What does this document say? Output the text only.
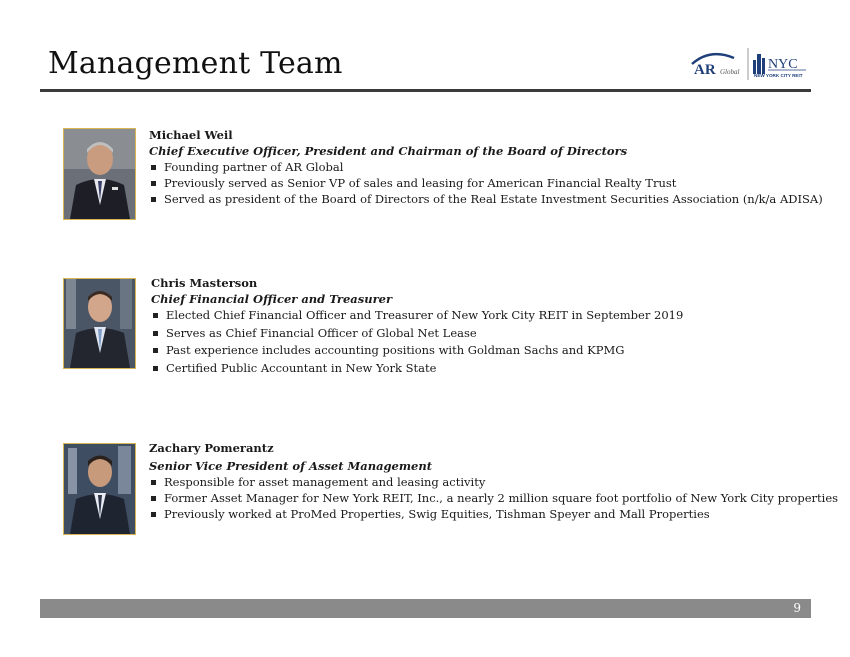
Management Team	AR Global NYC
NEW YORK CITY REIT
Michael Weil
Chief Executive Officer, President and Chairman of the Board of Directors
Founding partner of AR Global
Previously served as Senior VP of sales and leasing for American Financial Realty Trust
Served as president of the Board of Directors of the Real Estate Investment Securities Association (n/k/a ADISA)
Chris Masterson
Chief Financial Officer and Treasurer
Elected Chief Financial Officer and Treasurer of New York City REIT in September 2019
Serves as Chief Financial Officer of Global Net Lease
Past experience includes accounting positions with Goldman Sachs and KPMG
Certified Public Accountant in New York State
Zachary Pomerantz
Senior Vice President of Asset Management
Responsible for asset management and leasing activity
Former Asset Manager for New York REIT, Inc., a nearly 2 million square foot portfolio of New York City properties
Previously worked at ProMed Properties, Swig Equities, Tishman Speyer and Mall Properties
9
